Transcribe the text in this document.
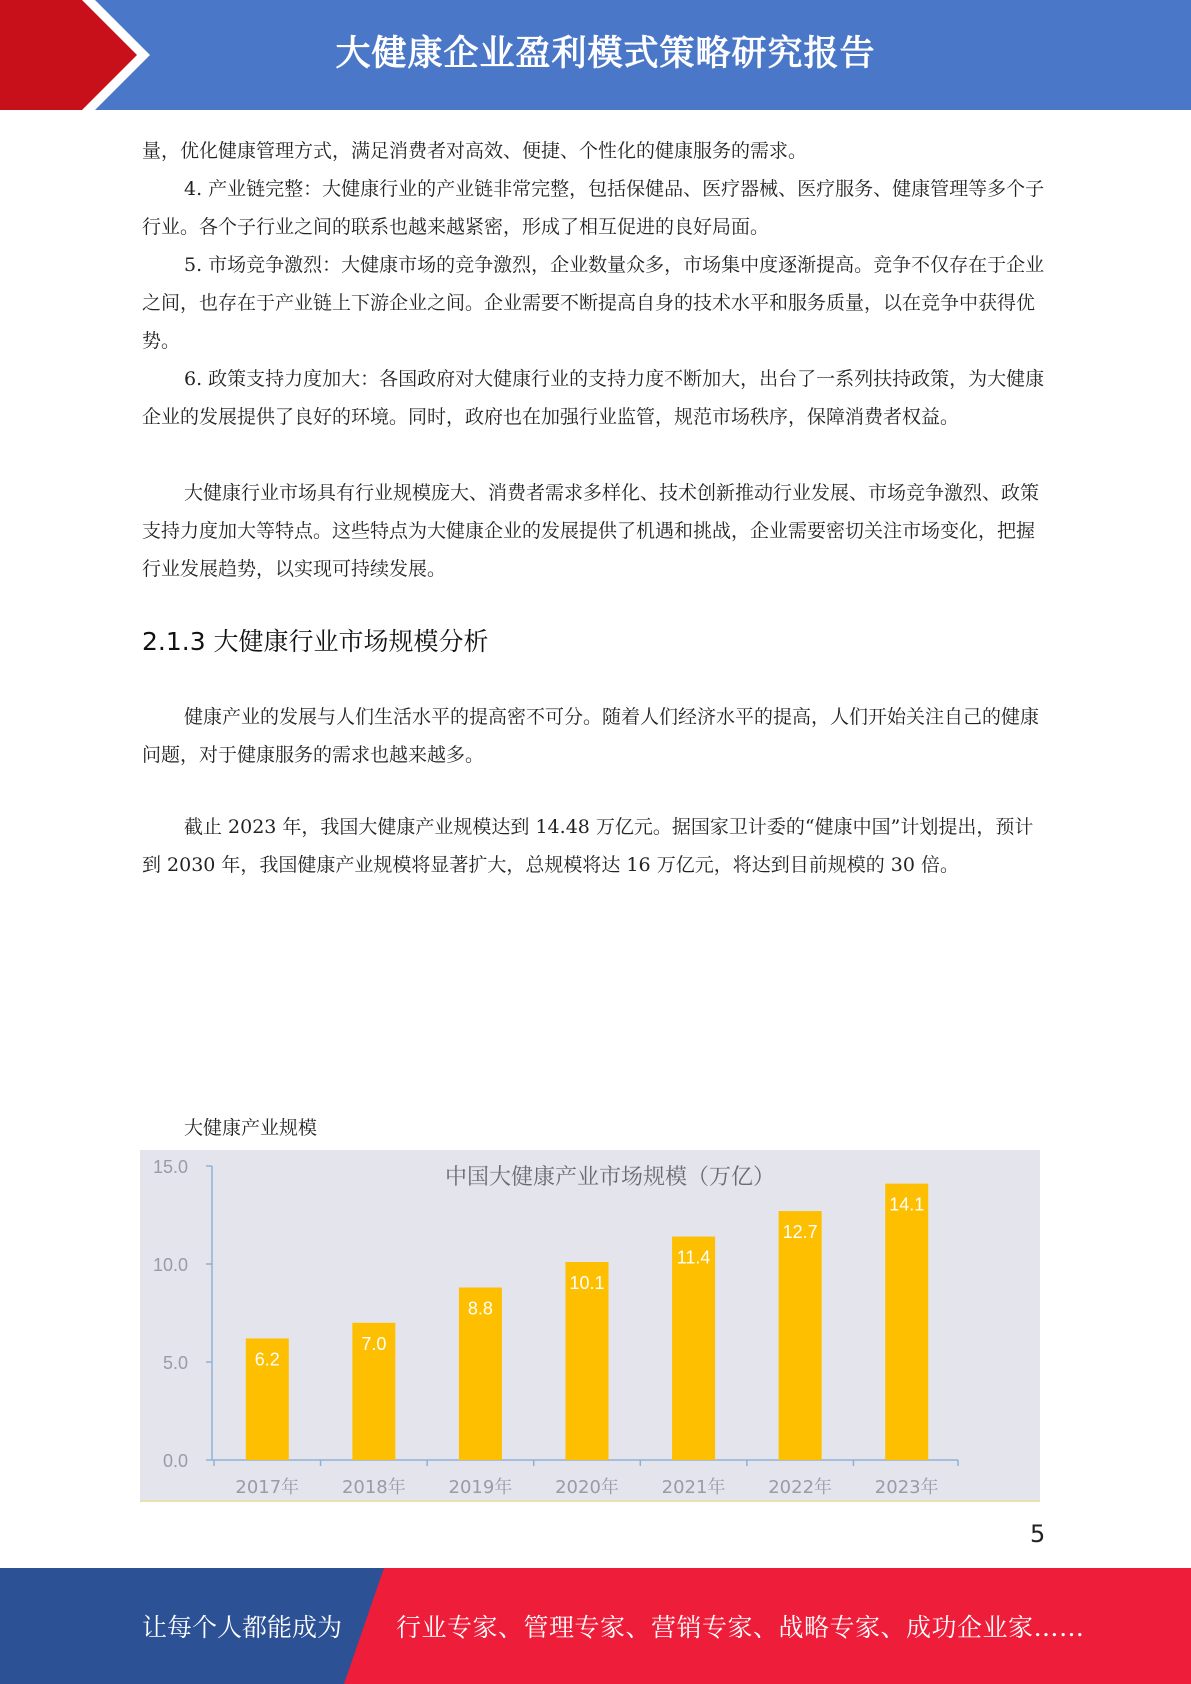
大健康企业盈利模式策略研究报告

量，优化健康管理方式，满足消费者对高效、便捷、个性化的健康服务的需求。

4. 产业链完整：大健康行业的产业链非常完整，包括保健品、医疗器械、医疗服务、健康管理等多个子行业。各个子行业之间的联系也越来越紧密，形成了相互促进的良好局面。

5. 市场竞争激烈：大健康市场的竞争激烈，企业数量众多，市场集中度逐渐提高。竞争不仅存在于企业之间，也存在于产业链上下游企业之间。企业需要不断提高自身的技术水平和服务质量，以在竞争中获得优势。

6. 政策支持力度加大：各国政府对大健康行业的支持力度不断加大，出台了一系列扶持政策，为大健康企业的发展提供了良好的环境。同时，政府也在加强行业监管，规范市场秩序，保障消费者权益。

大健康行业市场具有行业规模庞大、消费者需求多样化、技术创新推动行业发展、市场竞争激烈、政策支持力度加大等特点。这些特点为大健康企业的发展提供了机遇和挑战，企业需要密切关注市场变化，把握行业发展趋势，以实现可持续发展。

2.1.3 大健康行业市场规模分析

健康产业的发展与人们生活水平的提高密不可分。随着人们经济水平的提高，人们开始关注自己的健康问题，对于健康服务的需求也越来越多。

截止 2023 年，我国大健康产业规模达到 14.48 万亿元。据国家卫计委的“健康中国”计划提出，预计到 2030 年，我国健康产业规模将显著扩大，总规模将达 16 万亿元，将达到目前规模的 30 倍。

大健康产业规模
0.0
5.0
10.0
15.0	中国大健康产业市场规模（万亿）
6.2
2017年
7.0
2018年
8.8
2019年
10.1
2020年
11.4
2021年
12.7
2022年
14.1
2023年
5
让每个人都能成为 行业专家、管理专家、营销专家、战略专家、成功企业家……
